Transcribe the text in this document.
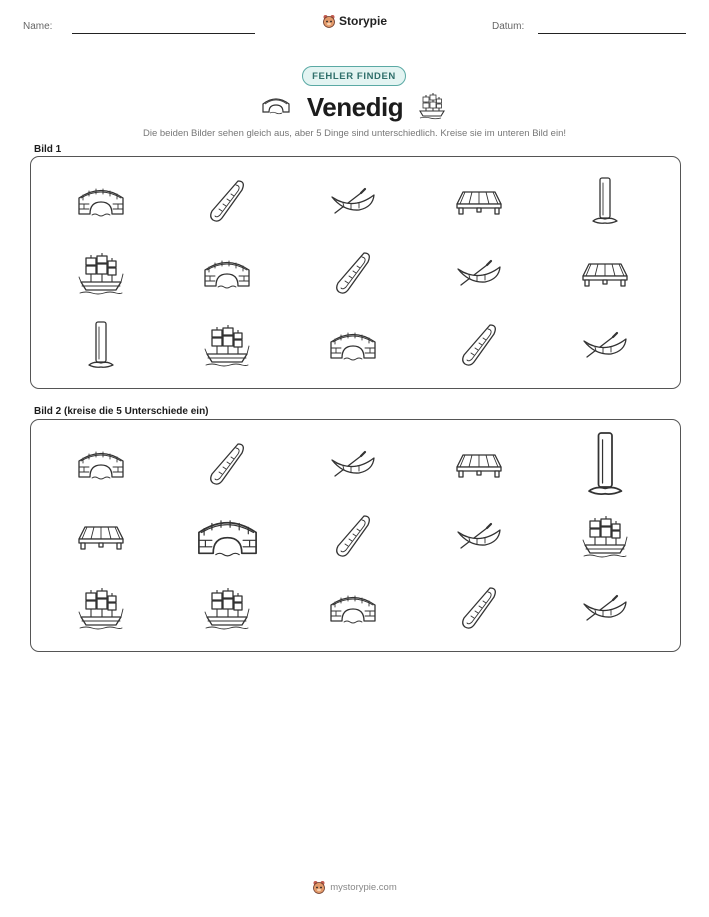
Name:	Storypie	Datum:
FEHLER FINDEN
Venedig
Die beiden Bilder sehen gleich aus, aber 5 Dinge sind unterschiedlich. Kreise sie im unteren Bild ein!
Bild 1
Bild 2 (kreise die 5 Unterschiede ein)
mystorypie.com
